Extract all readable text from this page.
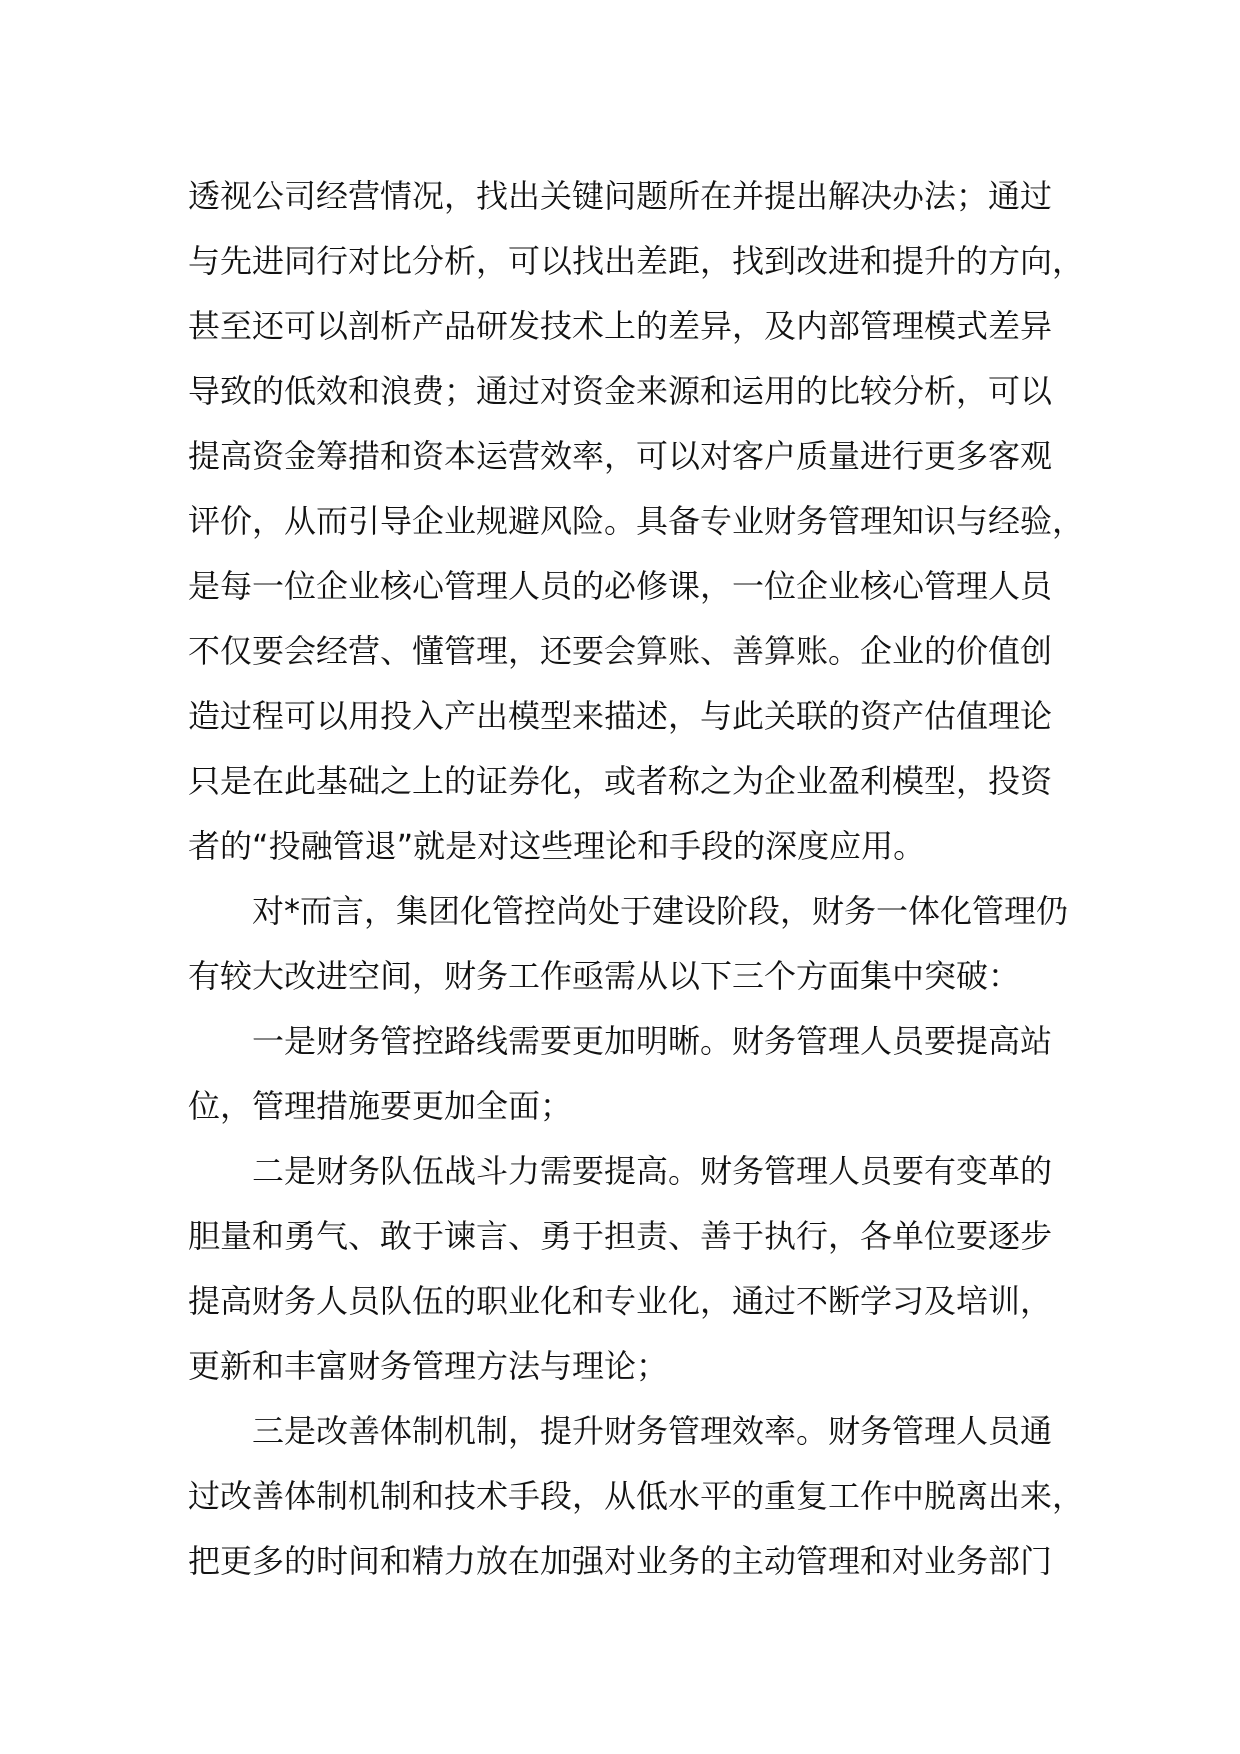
透视公司经营情况，找出关键问题所在并提出解决办法；通过
与先进同行对比分析，可以找出差距，找到改进和提升的方向，
甚至还可以剖析产品研发技术上的差异，及内部管理模式差异
导致的低效和浪费；通过对资金来源和运用的比较分析，可以
提高资金筹措和资本运营效率，可以对客户质量进行更多客观
评价，从而引导企业规避风险。具备专业财务管理知识与经验，
是每一位企业核心管理人员的必修课，一位企业核心管理人员
不仅要会经营、懂管理，还要会算账、善算账。企业的价值创
造过程可以用投入产出模型来描述，与此关联的资产估值理论
只是在此基础之上的证券化，或者称之为企业盈利模型，投资
者的“投融管退”就是对这些理论和手段的深度应用。
对*而言，集团化管控尚处于建设阶段，财务一体化管理仍
有较大改进空间，财务工作亟需从以下三个方面集中突破：
一是财务管控路线需要更加明晰。财务管理人员要提高站
位，管理措施要更加全面；
二是财务队伍战斗力需要提高。财务管理人员要有变革的
胆量和勇气、敢于谏言、勇于担责、善于执行，各单位要逐步
提高财务人员队伍的职业化和专业化，通过不断学习及培训，
更新和丰富财务管理方法与理论；
三是改善体制机制，提升财务管理效率。财务管理人员通
过改善体制机制和技术手段，从低水平的重复工作中脱离出来，
把更多的时间和精力放在加强对业务的主动管理和对业务部门
